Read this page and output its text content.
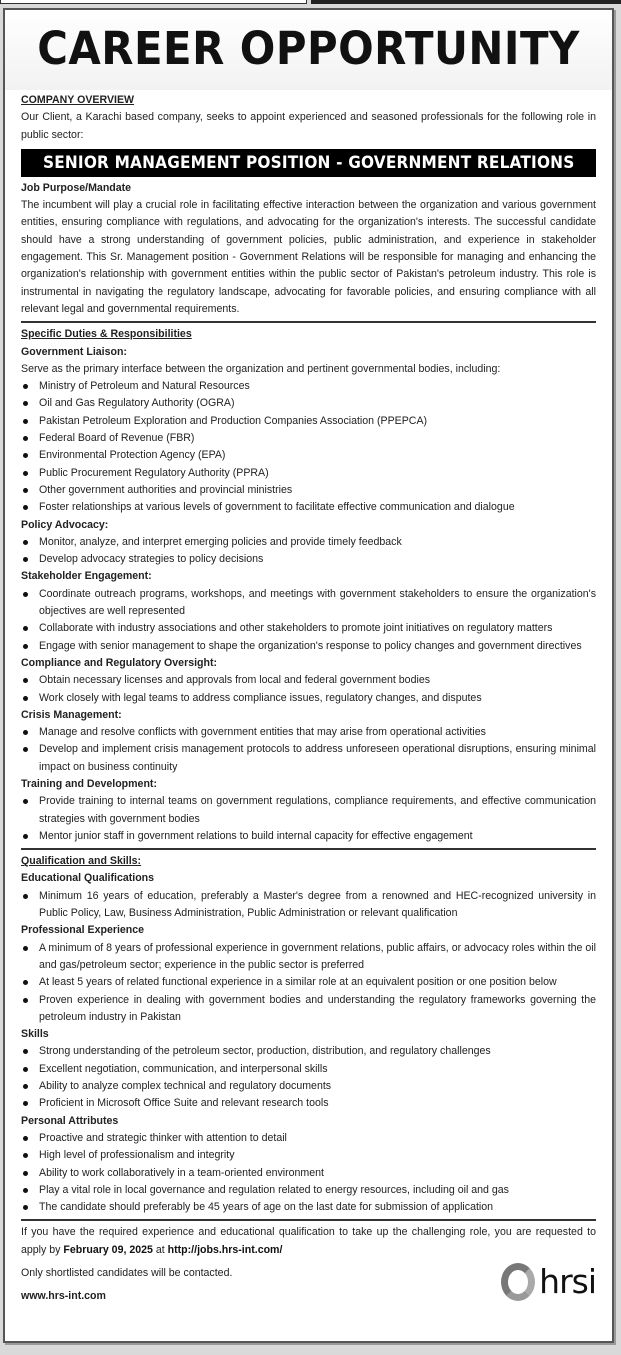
CAREER OPPORTUNITY
COMPANY OVERVIEW
Our Client, a Karachi based company, seeks to appoint experienced and seasoned professionals for the following role in public sector:
SENIOR MANAGEMENT POSITION - GOVERNMENT RELATIONS
Job Purpose/Mandate
The incumbent will play a crucial role in facilitating effective interaction between the organization and various government entities, ensuring compliance with regulations, and advocating for the organization's interests. The successful candidate should have a strong understanding of government policies, public administration, and experience in stakeholder engagement. This Sr. Management position - Government Relations will be responsible for managing and enhancing the organization's relationship with government entities within the public sector of Pakistan's petroleum industry. This role is instrumental in navigating the regulatory landscape, advocating for favorable policies, and ensuring compliance with all relevant legal and governmental requirements.
Specific Duties & Responsibilities
Government Liaison:
Serve as the primary interface between the organization and pertinent governmental bodies, including:
Ministry of Petroleum and Natural Resources
Oil and Gas Regulatory Authority (OGRA)
Pakistan Petroleum Exploration and Production Companies Association (PPEPCA)
Federal Board of Revenue (FBR)
Environmental Protection Agency (EPA)
Public Procurement Regulatory Authority (PPRA)
Other government authorities and provincial ministries
Foster relationships at various levels of government to facilitate effective communication and dialogue
Policy Advocacy:
Monitor, analyze, and interpret emerging policies and provide timely feedback
Develop advocacy strategies to policy decisions
Stakeholder Engagement:
Coordinate outreach programs, workshops, and meetings with government stakeholders to ensure the organization's objectives are well represented
Collaborate with industry associations and other stakeholders to promote joint initiatives on regulatory matters
Engage with senior management to shape the organization's response to policy changes and government directives
Compliance and Regulatory Oversight:
Obtain necessary licenses and approvals from local and federal government bodies
Work closely with legal teams to address compliance issues, regulatory changes, and disputes
Crisis Management:
Manage and resolve conflicts with government entities that may arise from operational activities
Develop and implement crisis management protocols to address unforeseen operational disruptions, ensuring minimal impact on business continuity
Training and Development:
Provide training to internal teams on government regulations, compliance requirements, and effective communication strategies with government bodies
Mentor junior staff in government relations to build internal capacity for effective engagement
Qualification and Skills:
Educational Qualifications
Minimum 16 years of education, preferably a Master's degree from a renowned and HEC-recognized university in Public Policy, Law, Business Administration, Public Administration or relevant qualification
Professional Experience
A minimum of 8 years of professional experience in government relations, public affairs, or advocacy roles within the oil and gas/petroleum sector; experience in the public sector is preferred
At least 5 years of related functional experience in a similar role at an equivalent position or one position below
Proven experience in dealing with government bodies and understanding the regulatory frameworks governing the petroleum industry in Pakistan
Skills
Strong understanding of the petroleum sector, production, distribution, and regulatory challenges
Excellent negotiation, communication, and interpersonal skills
Ability to analyze complex technical and regulatory documents
Proficient in Microsoft Office Suite and relevant research tools
Personal Attributes
Proactive and strategic thinker with attention to detail
High level of professionalism and integrity
Ability to work collaboratively in a team-oriented environment
Play a vital role in local governance and regulation related to energy resources, including oil and gas
The candidate should preferably be 45 years of age on the last date for submission of application
If you have the required experience and educational qualification to take up the challenging role, you are requested to apply by February 09, 2025 at http://jobs.hrs-int.com/
Only shortlisted candidates will be contacted.
www.hrs-int.com	hrsi
